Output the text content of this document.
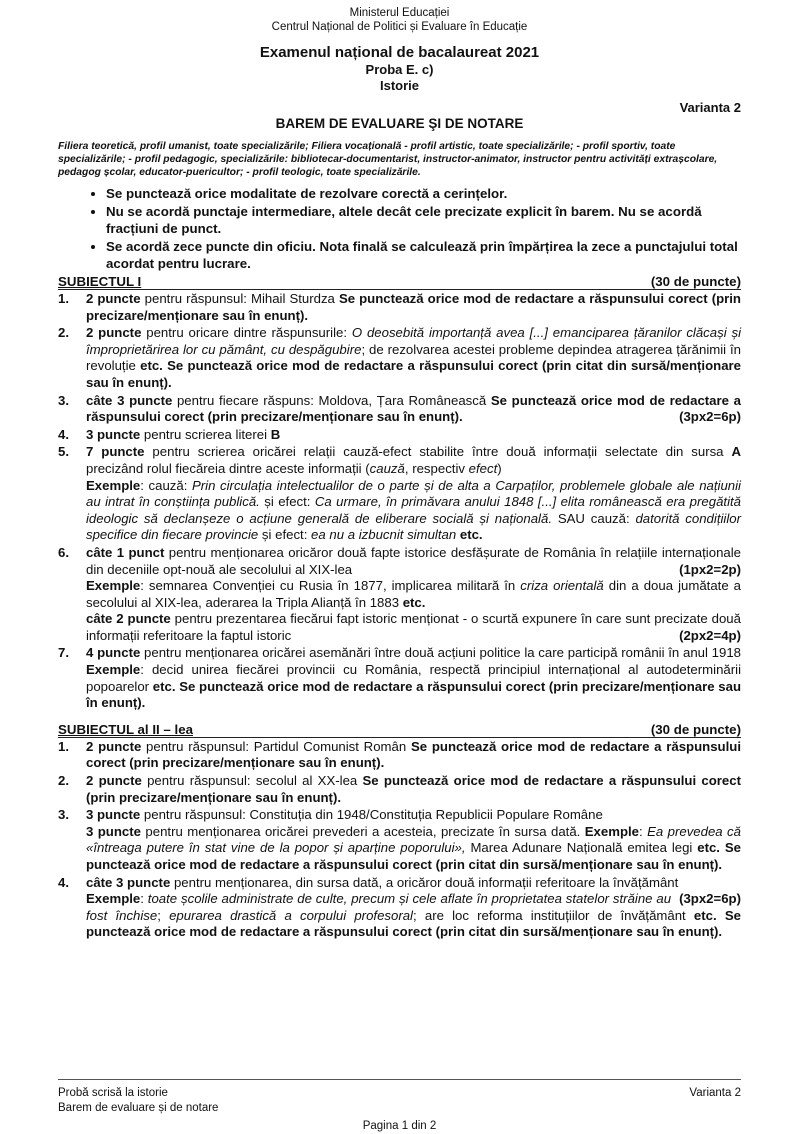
Ministerul Educației
Centrul Național de Politici și Evaluare în Educație
Examenul național de bacalaureat 2021
Proba E. c)
Istorie
Varianta 2
BAREM DE EVALUARE ŞI DE NOTARE
Filiera teoretică, profil umanist, toate specializările; Filiera vocațională - profil artistic, toate specializările; - profil sportiv, toate specializările; - profil pedagogic, specializările: bibliotecar-documentarist, instructor-animator, instructor pentru activități extrașcolare, pedagog școlar, educator-puericultor; - profil teologic, toate specializările.
• Se punctează orice modalitate de rezolvare corectă a cerințelor.
• Nu se acordă punctaje intermediare, altele decât cele precizate explicit în barem. Nu se acordă fracțiuni de punct.
• Se acordă zece puncte din oficiu. Nota finală se calculează prin împărțirea la zece a punctajului total acordat pentru lucrare.
SUBIECTUL I	(30 de puncte)
1.	2 puncte pentru răspunsul: Mihail Sturdza Se punctează orice mod de redactare a răspunsului corect (prin precizare/menționare sau în enunț).
2.	2 puncte pentru oricare dintre răspunsurile: O deosebită importanță avea [...] emanciparea țăranilor clăcași și împroprietărirea lor cu pământ, cu despăgubire; de rezolvarea acestei probleme depindea atragerea țărănimii în revoluție etc. Se punctează orice mod de redactare a răspunsului corect (prin citat din sursă/menționare sau în enunț).
3.	câte 3 puncte pentru fiecare răspuns: Moldova, Țara Românească Se punctează orice mod de redactare a răspunsului corect (prin precizare/menționare sau în enunț).	(3px2=6p)
4.	3 puncte pentru scrierea literei B
5.	7 puncte pentru scrierea oricărei relații cauză-efect stabilite între două informații selectate din sursa A precizând rolul fiecăreia dintre aceste informații (cauză, respectiv efect)

Exemple: cauză: Prin circulația intelectualilor de o parte și de alta a Carpaților, problemele globale ale națiunii au intrat în conștiința publică. și efect: Ca urmare, în primăvara anului 1848 [...] elita românească era pregătită ideologic să declanșeze o acțiune generală de eliberare socială și națională. SAU cauză: datorită condițiilor specifice din fiecare provincie și efect: ea nu a izbucnit simultan etc.

6.	câte 1 punct pentru menționarea oricăror două fapte istorice desfășurate de România în relațiile internaționale din deceniile opt-nouă ale secolului al XIX-lea	(1px2=2p)

Exemple: semnarea Convenției cu Rusia în 1877, implicarea militară în criza orientală din a doua jumătate a secolului al XIX-lea, aderarea la Tripla Alianță în 1883 etc.

câte 2 puncte pentru prezentarea fiecărui fapt istoric menționat - o scurtă expunere în care sunt precizate două informații referitoare la faptul istoric	(2px2=4p)

7.	4 puncte pentru menționarea oricărei asemănări între două acțiuni politice la care participă românii în anul 1918 Exemple: decid unirea fiecărei provincii cu România, respectă principiul internațional al autodeterminării popoarelor etc. Se punctează orice mod de redactare a răspunsului corect (prin precizare/menționare sau în enunț).
SUBIECTUL al II – lea	(30 de puncte)
1.	2 puncte pentru răspunsul: Partidul Comunist Român Se punctează orice mod de redactare a răspunsului corect (prin precizare/menționare sau în enunț).
2.	2 puncte pentru răspunsul: secolul al XX-lea Se punctează orice mod de redactare a răspunsului corect (prin precizare/menționare sau în enunț).
3.	3 puncte pentru răspunsul: Constituția din 1948/Constituția Republicii Populare Române

3 puncte pentru menționarea oricărei prevederi a acesteia, precizate în sursa dată. Exemple: Ea prevedea că «întreaga putere în stat vine de la popor și aparține poporului», Marea Adunare Națională emitea legi etc. Se punctează orice mod de redactare a răspunsului corect (prin citat din sursă/menționare sau în enunț).

4.	câte 3 puncte pentru menționarea, din sursa dată, a oricăror două informații referitoare la învățământ
(3px2=6p)

Exemple: toate școlile administrate de culte, precum și cele aflate în proprietatea statelor străine au fost închise; epurarea drastică a corpului profesoral; are loc reforma instituțiilor de învățământ etc. Se punctează orice mod de redactare a răspunsului corect (prin citat din sursă/menționare sau în enunț).

Probă scrisă la istorie	Varianta 2
Barem de evaluare și de notare
Pagina 1 din 2
